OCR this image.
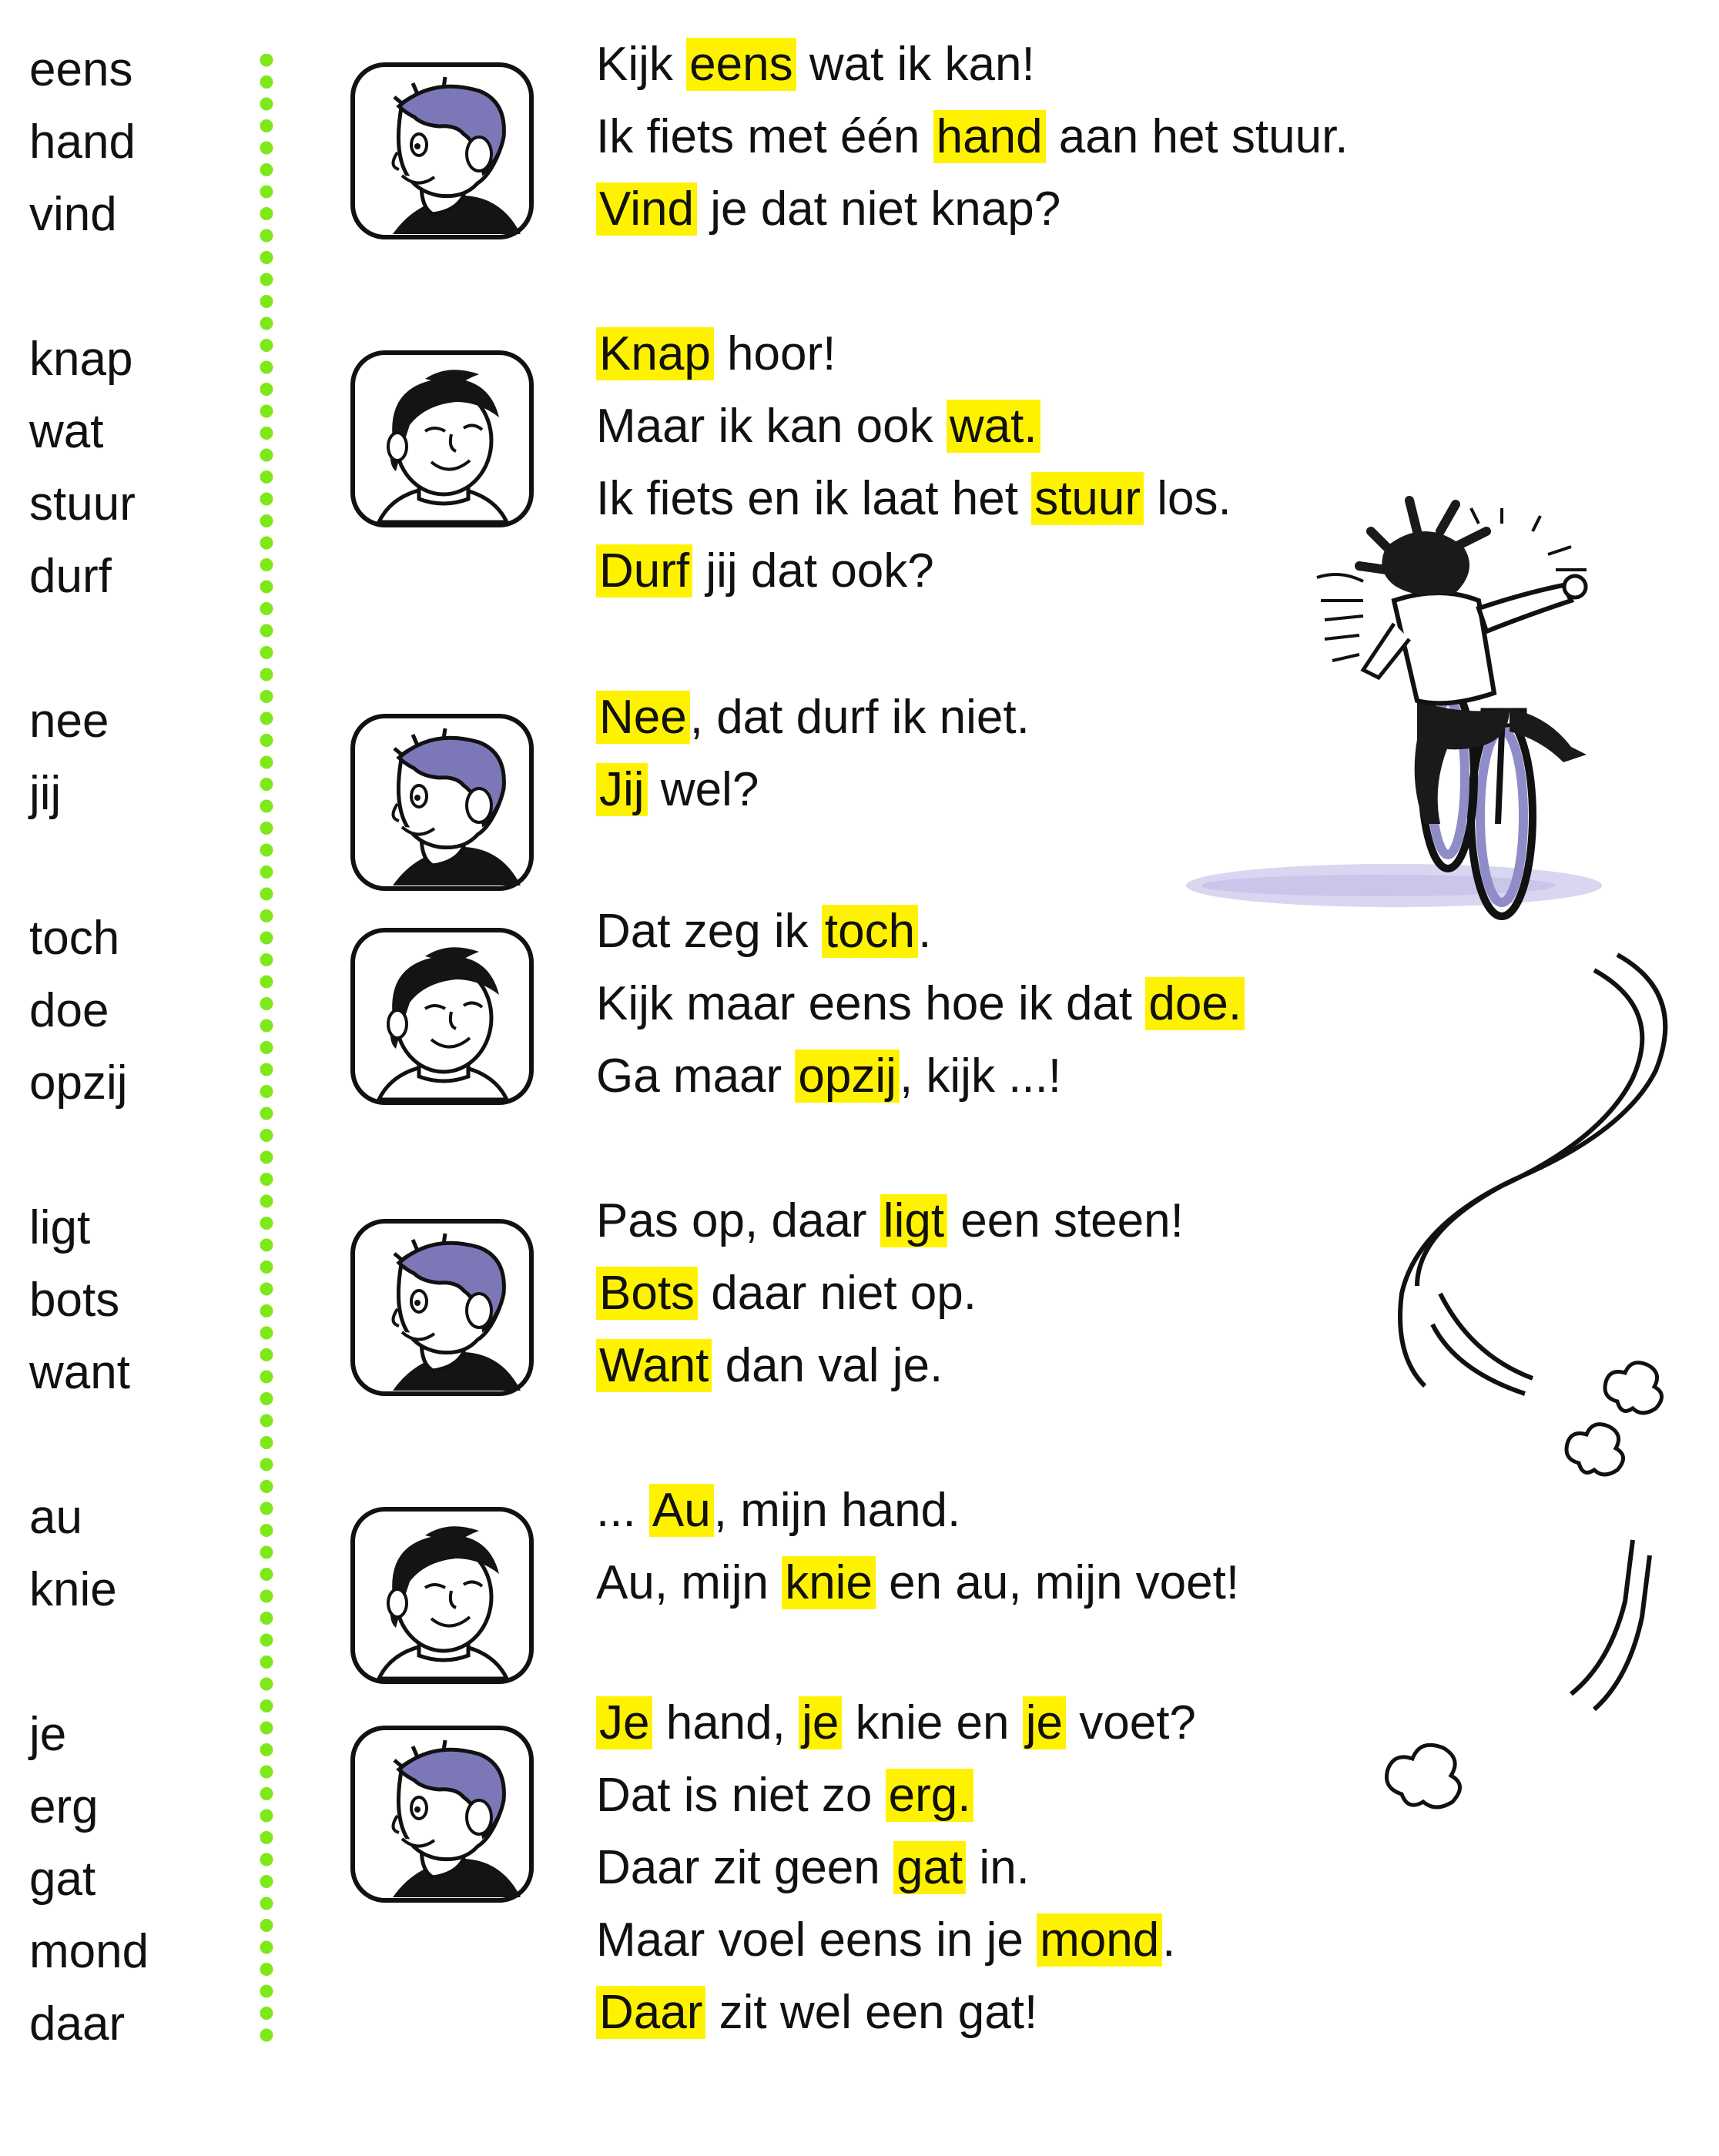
eens
hand
vind
knap
wat
stuur
durf
nee
jij
toch
doe
opzij
ligt
bots
want
au
knie
je
erg
gat
mond
daar
Kijk eens wat ik kan!
Ik fiets met één hand aan het stuur.
Vind je dat niet knap?
Knap hoor!
Maar ik kan ook wat.
Ik fiets en ik laat het stuur los.
Durf jij dat ook?
Nee, dat durf ik niet.
Jij wel?
Dat zeg ik toch.
Kijk maar eens hoe ik dat doe.
Ga maar opzij, kijk ...!
Pas op, daar ligt een steen!
Bots daar niet op.
Want dan val je.
... Au, mijn hand.
Au, mijn knie en au, mijn voet!
Je hand, je knie en je voet?
Dat is niet zo erg.
Daar zit geen gat in.
Maar voel eens in je mond.
Daar zit wel een gat!
